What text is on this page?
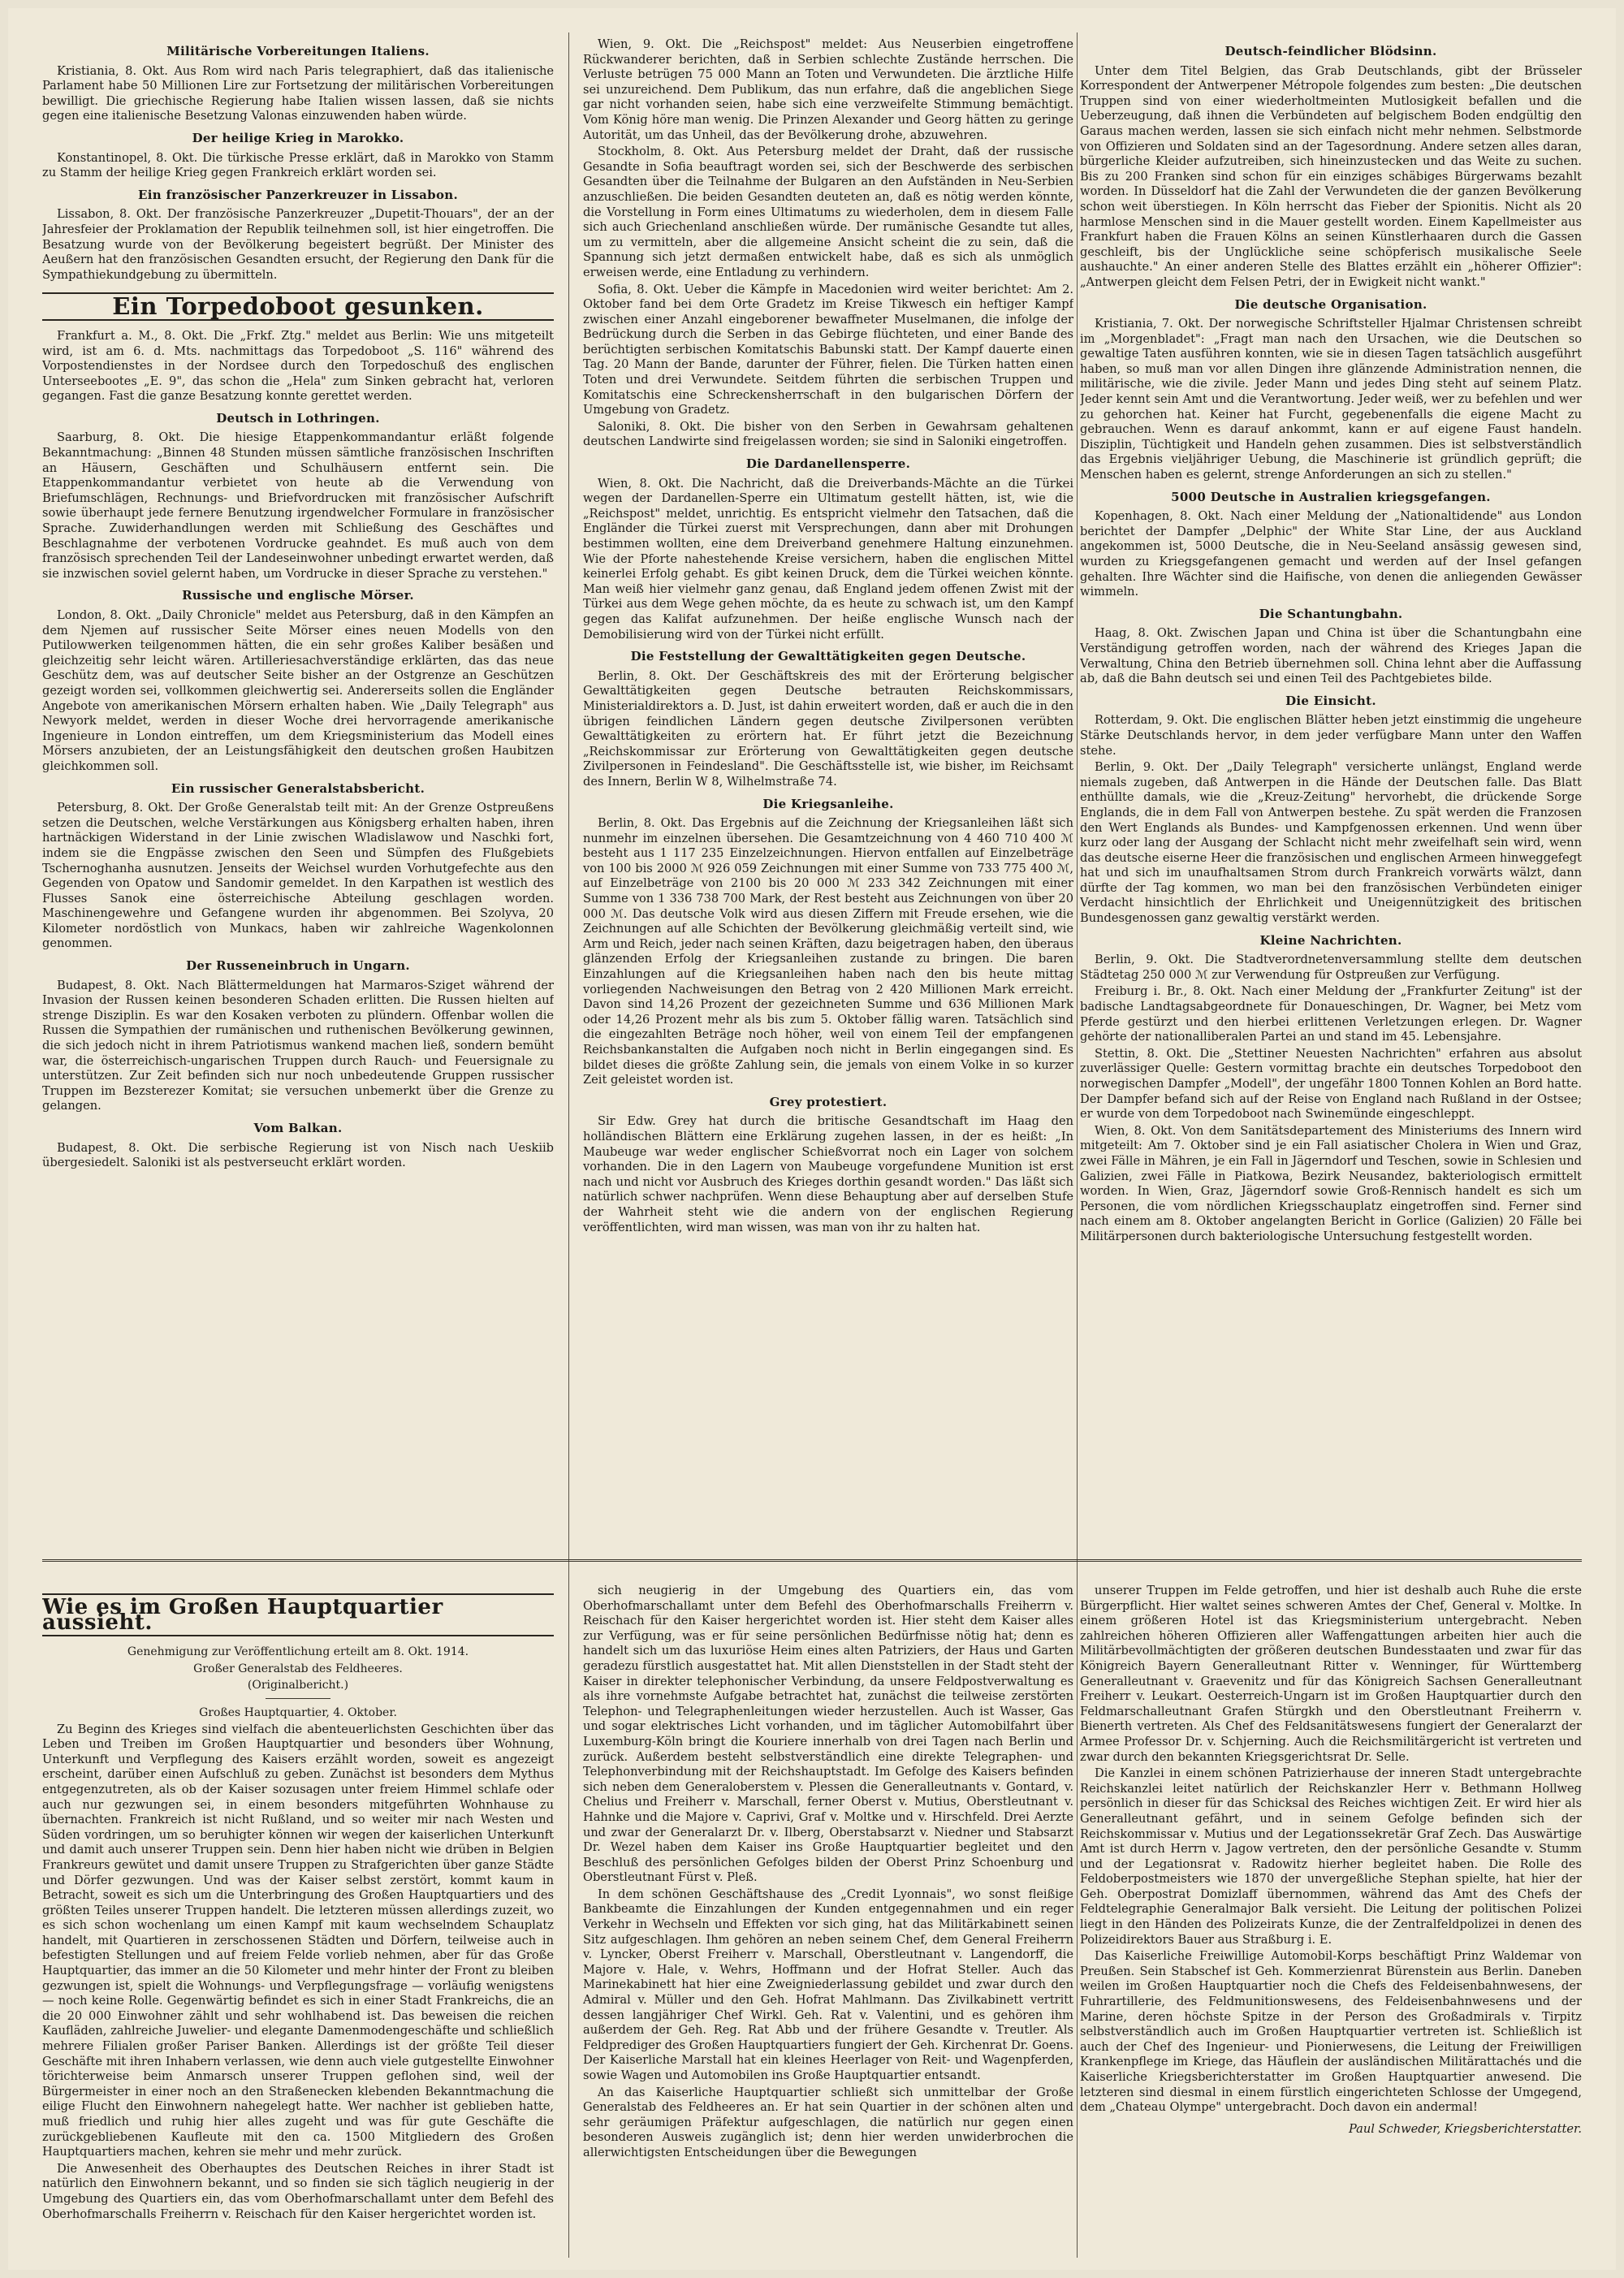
Militärische Vorbereitungen Italiens.

Kristiania, 8. Okt. Aus Rom wird nach Paris telegraphiert, daß das italienische Parlament habe 50 Millionen Lire zur Fortsetzung der militärischen Vorbereitungen bewilligt. Die griechische Regierung habe Italien wissen lassen, daß sie nichts gegen eine italienische Besetzung Valonas einzuwenden haben würde.

Der heilige Krieg in Marokko.

Konstantinopel, 8. Okt. Die türkische Presse erklärt, daß in Marokko von Stamm zu Stamm der heilige Krieg gegen Frankreich erklärt worden sei.

Ein französischer Panzerkreuzer in Lissabon.

Lissabon, 8. Okt. Der französische Panzerkreuzer „Dupetit-Thouars", der an der Jahresfeier der Proklamation der Republik teilnehmen soll, ist hier eingetroffen. Die Besatzung wurde von der Bevölkerung begeistert begrüßt. Der Minister des Aeußern hat den französischen Gesandten ersucht, der Regierung den Dank für die Sympathiekundgebung zu übermitteln.

Ein Torpedoboot gesunken.

Frankfurt a. M., 8. Okt. Die „Frkf. Ztg." meldet aus Berlin: Wie uns mitgeteilt wird, ist am 6. d. Mts. nachmittags das Torpedoboot „S. 116" während des Vorpostendienstes in der Nordsee durch den Torpedoschuß des englischen Unterseebootes „E. 9", das schon die „Hela" zum Sinken gebracht hat, verloren gegangen. Fast die ganze Besatzung konnte gerettet werden.

Deutsch in Lothringen.

Saarburg, 8. Okt. Die hiesige Etappenkommandantur erläßt folgende Bekanntmachung: „Binnen 48 Stunden müssen sämtliche französischen Inschriften an Häusern, Geschäften und Schulhäusern entfernt sein. Die Etappenkommandantur verbietet von heute ab die Verwendung von Briefumschlägen, Rechnungs- und Briefvordrucken mit französischer Aufschrift sowie überhaupt jede fernere Benutzung irgendwelcher Formulare in französischer Sprache. Zuwiderhandlungen werden mit Schließung des Geschäftes und Beschlagnahme der verbotenen Vordrucke geahndet. Es muß auch von dem französisch sprechenden Teil der Landeseinwohner unbedingt erwartet werden, daß sie inzwischen soviel gelernt haben, um Vordrucke in dieser Sprache zu verstehen."

Russische und englische Mörser.

London, 8. Okt. „Daily Chronicle" meldet aus Petersburg, daß in den Kämpfen an dem Njemen auf russischer Seite Mörser eines neuen Modells von den Putilowwerken teilgenommen hätten, die ein sehr großes Kaliber besäßen und gleichzeitig sehr leicht wären. Artilleriesachverständige erklärten, das das neue Geschütz dem, was auf deutscher Seite bisher an der Ostgrenze an Geschützen gezeigt worden sei, vollkommen gleichwertig sei. Andererseits sollen die Engländer Angebote von amerikanischen Mörsern erhalten haben. Wie „Daily Telegraph" aus Newyork meldet, werden in dieser Woche drei hervorragende amerikanische Ingenieure in London eintreffen, um dem Kriegsministerium das Modell eines Mörsers anzubieten, der an Leistungsfähigkeit den deutschen großen Haubitzen gleichkommen soll.

Ein russischer Generalstabsbericht.

Petersburg, 8. Okt. Der Große Generalstab teilt mit: An der Grenze Ostpreußens setzen die Deutschen, welche Verstärkungen aus Königsberg erhalten haben, ihren hartnäckigen Widerstand in der Linie zwischen Wladislawow und Naschki fort, indem sie die Engpässe zwischen den Seen und Sümpfen des Flußgebiets Tschernoghanha ausnutzen. Jenseits der Weichsel wurden Vorhutgefechte aus den Gegenden von Opatow und Sandomir gemeldet. In den Karpathen ist westlich des Flusses Sanok eine österreichische Abteilung geschlagen worden. Maschinengewehre und Gefangene wurden ihr abgenommen. Bei Szolyva, 20 Kilometer nordöstlich von Munkacs, haben wir zahlreiche Wagenkolonnen genommen.

Der Russeneinbruch in Ungarn.

Budapest, 8. Okt. Nach Blättermeldungen hat Marmaros-Sziget während der Invasion der Russen keinen besonderen Schaden erlitten. Die Russen hielten auf strenge Disziplin. Es war den Kosaken verboten zu plündern. Offenbar wollen die Russen die Sympathien der rumänischen und ruthenischen Bevölkerung gewinnen, die sich jedoch nicht in ihrem Patriotismus wankend machen ließ, sondern bemüht war, die österreichisch-ungarischen Truppen durch Rauch- und Feuersignale zu unterstützen. Zur Zeit befinden sich nur noch unbedeutende Gruppen russischer Truppen im Bezsterezer Komitat; sie versuchen unbemerkt über die Grenze zu gelangen.

Vom Balkan.

Budapest, 8. Okt. Die serbische Regierung ist von Nisch nach Ueskiib übergesiedelt. Saloniki ist als pestverseucht erklärt worden.

Wien, 9. Okt. Die „Reichspost" meldet: Aus Neuserbien eingetroffene Rückwanderer berichten, daß in Serbien schlechte Zustände herrschen. Die Verluste betrügen 75 000 Mann an Toten und Verwundeten. Die ärztliche Hilfe sei unzureichend. Dem Publikum, das nun erfahre, daß die angeblichen Siege gar nicht vorhanden seien, habe sich eine verzweifelte Stimmung bemächtigt. Vom König höre man wenig. Die Prinzen Alexander und Georg hätten zu geringe Autorität, um das Unheil, das der Bevölkerung drohe, abzuwehren.

Stockholm, 8. Okt. Aus Petersburg meldet der Draht, daß der russische Gesandte in Sofia beauftragt worden sei, sich der Beschwerde des serbischen Gesandten über die Teilnahme der Bulgaren an den Aufständen in Neu-Serbien anzuschließen. Die beiden Gesandten deuteten an, daß es nötig werden könnte, die Vorstellung in Form eines Ultimatums zu wiederholen, dem in diesem Falle sich auch Griechenland anschließen würde. Der rumänische Gesandte tut alles, um zu vermitteln, aber die allgemeine Ansicht scheint die zu sein, daß die Spannung sich jetzt dermaßen entwickelt habe, daß es sich als unmöglich erweisen werde, eine Entladung zu verhindern.

Sofia, 8. Okt. Ueber die Kämpfe in Macedonien wird weiter berichtet: Am 2. Oktober fand bei dem Orte Gradetz im Kreise Tikwesch ein heftiger Kampf zwischen einer Anzahl eingeborener bewaffneter Muselmanen, die infolge der Bedrückung durch die Serben in das Gebirge flüchteten, und einer Bande des berüchtigten serbischen Komitatschis Babunski statt. Der Kampf dauerte einen Tag. 20 Mann der Bande, darunter der Führer, fielen. Die Türken hatten einen Toten und drei Verwundete. Seitdem führten die serbischen Truppen und Komitatschis eine Schreckensherrschaft in den bulgarischen Dörfern der Umgebung von Gradetz.

Saloniki, 8. Okt. Die bisher von den Serben in Gewahrsam gehaltenen deutschen Landwirte sind freigelassen worden; sie sind in Saloniki eingetroffen.

Die Dardanellensperre.

Wien, 8. Okt. Die Nachricht, daß die Dreiverbands-Mächte an die Türkei wegen der Dardanellen-Sperre ein Ultimatum gestellt hätten, ist, wie die „Reichspost" meldet, unrichtig. Es entspricht vielmehr den Tatsachen, daß die Engländer die Türkei zuerst mit Versprechungen, dann aber mit Drohungen bestimmen wollten, eine dem Dreiverband genehmere Haltung einzunehmen. Wie der Pforte nahestehende Kreise versichern, haben die englischen Mittel keinerlei Erfolg gehabt. Es gibt keinen Druck, dem die Türkei weichen könnte. Man weiß hier vielmehr ganz genau, daß England jedem offenen Zwist mit der Türkei aus dem Wege gehen möchte, da es heute zu schwach ist, um den Kampf gegen das Kalifat aufzunehmen. Der heiße englische Wunsch nach der Demobilisierung wird von der Türkei nicht erfüllt.

Die Feststellung der Gewalttätigkeiten gegen Deutsche.

Berlin, 8. Okt. Der Geschäftskreis des mit der Erörterung belgischer Gewalttätigkeiten gegen Deutsche betrauten Reichskommissars, Ministerialdirektors a. D. Just, ist dahin erweitert worden, daß er auch die in den übrigen feindlichen Ländern gegen deutsche Zivilpersonen verübten Gewalttätigkeiten zu erörtern hat. Er führt jetzt die Bezeichnung „Reichskommissar zur Erörterung von Gewalttätigkeiten gegen deutsche Zivilpersonen in Feindesland". Die Geschäftsstelle ist, wie bisher, im Reichsamt des Innern, Berlin W 8, Wilhelmstraße 74.

Die Kriegsanleihe.

Berlin, 8. Okt. Das Ergebnis auf die Zeichnung der Kriegsanleihen läßt sich nunmehr im einzelnen übersehen. Die Gesamtzeichnung von 4 460 710 400 ℳ besteht aus 1 117 235 Einzelzeichnungen. Hiervon entfallen auf Einzelbeträge von 100 bis 2000 ℳ 926 059 Zeichnungen mit einer Summe von 733 775 400 ℳ, auf Einzelbeträge von 2100 bis 20 000 ℳ 233 342 Zeichnungen mit einer Summe von 1 336 738 700 Mark, der Rest besteht aus Zeichnungen von über 20 000 ℳ. Das deutsche Volk wird aus diesen Ziffern mit Freude ersehen, wie die Zeichnungen auf alle Schichten der Bevölkerung gleichmäßig verteilt sind, wie Arm und Reich, jeder nach seinen Kräften, dazu beigetragen haben, den überaus glänzenden Erfolg der Kriegsanleihen zustande zu bringen. Die baren Einzahlungen auf die Kriegsanleihen haben nach den bis heute mittag vorliegenden Nachweisungen den Betrag von 2 420 Millionen Mark erreicht. Davon sind 14,26 Prozent der gezeichneten Summe und 636 Millionen Mark oder 14,26 Prozent mehr als bis zum 5. Oktober fällig waren. Tatsächlich sind die eingezahlten Beträge noch höher, weil von einem Teil der empfangenen Reichsbankanstalten die Aufgaben noch nicht in Berlin eingegangen sind. Es bildet dieses die größte Zahlung sein, die jemals von einem Volke in so kurzer Zeit geleistet worden ist.

Grey protestiert.

Sir Edw. Grey hat durch die britische Gesandtschaft im Haag den holländischen Blättern eine Erklärung zugehen lassen, in der es heißt: „In Maubeuge war weder englischer Schießvorrat noch ein Lager von solchem vorhanden. Die in den Lagern von Maubeuge vorgefundene Munition ist erst nach und nicht vor Ausbruch des Krieges dorthin gesandt worden." Das läßt sich natürlich schwer nachprüfen. Wenn diese Behauptung aber auf derselben Stufe der Wahrheit steht wie die andern von der englischen Regierung veröffentlichten, wird man wissen, was man von ihr zu halten hat.

Deutsch-feindlicher Blödsinn.

Unter dem Titel Belgien, das Grab Deutschlands, gibt der Brüsseler Korrespondent der Antwerpener Métropole folgendes zum besten: „Die deutschen Truppen sind von einer wiederholtmeinten Mutlosigkeit befallen und die Ueberzeugung, daß ihnen die Verbündeten auf belgischem Boden endgültig den Garaus machen werden, lassen sie sich einfach nicht mehr nehmen. Selbstmorde von Offizieren und Soldaten sind an der Tagesordnung. Andere setzen alles daran, bürgerliche Kleider aufzutreiben, sich hineinzustecken und das Weite zu suchen. Bis zu 200 Franken sind schon für ein einziges schäbiges Bürgerwams bezahlt worden. In Düsseldorf hat die Zahl der Verwundeten die der ganzen Bevölkerung schon weit überstiegen. In Köln herrscht das Fieber der Spionitis. Nicht als 20 harmlose Menschen sind in die Mauer gestellt worden. Einem Kapellmeister aus Frankfurt haben die Frauen Kölns an seinen Künstlerhaaren durch die Gassen geschleift, bis der Unglückliche seine schöpferisch musikalische Seele aushauchte." An einer anderen Stelle des Blattes erzählt ein „höherer Offizier": „Antwerpen gleicht dem Felsen Petri, der in Ewigkeit nicht wankt."

Die deutsche Organisation.

Kristiania, 7. Okt. Der norwegische Schriftsteller Hjalmar Christensen schreibt im „Morgenbladet": „Fragt man nach den Ursachen, wie die Deutschen so gewaltige Taten ausführen konnten, wie sie in diesen Tagen tatsächlich ausgeführt haben, so muß man vor allen Dingen ihre glänzende Administration nennen, die militärische, wie die zivile. Jeder Mann und jedes Ding steht auf seinem Platz. Jeder kennt sein Amt und die Verantwortung. Jeder weiß, wer zu befehlen und wer zu gehorchen hat. Keiner hat Furcht, gegebenenfalls die eigene Macht zu gebrauchen. Wenn es darauf ankommt, kann er auf eigene Faust handeln. Disziplin, Tüchtigkeit und Handeln gehen zusammen. Dies ist selbstverständlich das Ergebnis vieljähriger Uebung, die Maschinerie ist gründlich geprüft; die Menschen haben es gelernt, strenge Anforderungen an sich zu stellen."

5000 Deutsche in Australien kriegsgefangen.

Kopenhagen, 8. Okt. Nach einer Meldung der „Nationaltidende" aus London berichtet der Dampfer „Delphic" der White Star Line, der aus Auckland angekommen ist, 5000 Deutsche, die in Neu-Seeland ansässig gewesen sind, wurden zu Kriegsgefangenen gemacht und werden auf der Insel gefangen gehalten. Ihre Wächter sind die Haifische, von denen die anliegenden Gewässer wimmeln.

Die Schantungbahn.

Haag, 8. Okt. Zwischen Japan und China ist über die Schantungbahn eine Verständigung getroffen worden, nach der während des Krieges Japan die Verwaltung, China den Betrieb übernehmen soll. China lehnt aber die Auffassung ab, daß die Bahn deutsch sei und einen Teil des Pachtgebietes bilde.

Die Einsicht.

Rotterdam, 9. Okt. Die englischen Blätter heben jetzt einstimmig die ungeheure Stärke Deutschlands hervor, in dem jeder verfügbare Mann unter den Waffen stehe.

Berlin, 9. Okt. Der „Daily Telegraph" versicherte unlängst, England werde niemals zugeben, daß Antwerpen in die Hände der Deutschen falle. Das Blatt enthüllte damals, wie die „Kreuz-Zeitung" hervorhebt, die drückende Sorge Englands, die in dem Fall von Antwerpen bestehe. Zu spät werden die Franzosen den Wert Englands als Bundes- und Kampfgenossen erkennen. Und wenn über kurz oder lang der Ausgang der Schlacht nicht mehr zweifelhaft sein wird, wenn das deutsche eiserne Heer die französischen und englischen Armeen hinweggefegt hat und sich im unaufhaltsamen Strom durch Frankreich vorwärts wälzt, dann dürfte der Tag kommen, wo man bei den französischen Verbündeten einiger Verdacht hinsichtlich der Ehrlichkeit und Uneigennützigkeit des britischen Bundesgenossen ganz gewaltig verstärkt werden.

Kleine Nachrichten.

Berlin, 9. Okt. Die Stadtverordnetenversammlung stellte dem deutschen Städtetag 250 000 ℳ zur Verwendung für Ostpreußen zur Verfügung.

Freiburg i. Br., 8. Okt. Nach einer Meldung der „Frankfurter Zeitung" ist der badische Landtagsabgeordnete für Donaueschingen, Dr. Wagner, bei Metz vom Pferde gestürzt und den hierbei erlittenen Verletzungen erlegen. Dr. Wagner gehörte der nationalliberalen Partei an und stand im 45. Lebensjahre.

Stettin, 8. Okt. Die „Stettiner Neuesten Nachrichten" erfahren aus absolut zuverlässiger Quelle: Gestern vormittag brachte ein deutsches Torpedoboot den norwegischen Dampfer „Modell", der ungefähr 1800 Tonnen Kohlen an Bord hatte. Der Dampfer befand sich auf der Reise von England nach Rußland in der Ostsee; er wurde von dem Torpedoboot nach Swinemünde eingeschleppt.

Wien, 8. Okt. Von dem Sanitätsdepartement des Ministeriums des Innern wird mitgeteilt: Am 7. Oktober sind je ein Fall asiatischer Cholera in Wien und Graz, zwei Fälle in Mähren, je ein Fall in Jägerndorf und Teschen, sowie in Schlesien und Galizien, zwei Fälle in Piatkowa, Bezirk Neusandez, bakteriologisch ermittelt worden. In Wien, Graz, Jägerndorf sowie Groß-Rennisch handelt es sich um Personen, die vom nördlichen Kriegsschauplatz eingetroffen sind. Ferner sind nach einem am 8. Oktober angelangten Bericht in Gorlice (Galizien) 20 Fälle bei Militärpersonen durch bakteriologische Untersuchung festgestellt worden.

Wie es im Großen Hauptquartier aussieht.

Genehmigung zur Veröffentlichung erteilt am 8. Okt. 1914.

Großer Generalstab des Feldheeres.

(Originalbericht.)

Großes Hauptquartier, 4. Oktober.

Zu Beginn des Krieges sind vielfach die abenteuerlichsten Geschichten über das Leben und Treiben im Großen Hauptquartier und besonders über Wohnung, Unterkunft und Verpflegung des Kaisers erzählt worden, soweit es angezeigt erscheint, darüber einen Aufschluß zu geben. Zunächst ist besonders dem Mythus entgegenzutreten, als ob der Kaiser sozusagen unter freiem Himmel schlafe oder auch nur gezwungen sei, in einem besonders mitgeführten Wohnhause zu übernachten. Frankreich ist nicht Rußland, und so weiter mir nach Westen und Süden vordringen, um so beruhigter können wir wegen der kaiserlichen Unterkunft und damit auch unserer Truppen sein. Denn hier haben nicht wie drüben in Belgien Frankreurs gewütet und damit unsere Truppen zu Strafgerichten über ganze Städte und Dörfer gezwungen. Und was der Kaiser selbst zerstört, kommt kaum in Betracht, soweit es sich um die Unterbringung des Großen Hauptquartiers und des größten Teiles unserer Truppen handelt. Die letzteren müssen allerdings zuzeit, wo es sich schon wochenlang um einen Kampf mit kaum wechselndem Schauplatz handelt, mit Quartieren in zerschossenen Städten und Dörfern, teilweise auch in befestigten Stellungen und auf freiem Felde vorlieb nehmen, aber für das Große Hauptquartier, das immer an die 50 Kilometer und mehr hinter der Front zu bleiben gezwungen ist, spielt die Wohnungs- und Verpflegungsfrage — vorläufig wenigstens — noch keine Rolle. Gegenwärtig befindet es sich in einer Stadt Frankreichs, die an die 20 000 Einwohner zählt und sehr wohlhabend ist. Das beweisen die reichen Kaufläden, zahlreiche Juwelier- und elegante Damenmodengeschäfte und schließlich mehrere Filialen großer Pariser Banken. Allerdings ist der größte Teil dieser Geschäfte mit ihren Inhabern verlassen, wie denn auch viele gutgestellte Einwohner törichterweise beim Anmarsch unserer Truppen geflohen sind, weil der Bürgermeister in einer noch an den Straßenecken klebenden Bekanntmachung die eilige Flucht den Einwohnern nahegelegt hatte. Wer nachher ist geblieben hatte, muß friedlich und ruhig hier alles zugeht und was für gute Geschäfte die zurückgebliebenen Kaufleute mit den ca. 1500 Mitgliedern des Großen Hauptquartiers machen, kehren sie mehr und mehr zurück.

Die Anwesenheit des Oberhauptes des Deutschen Reiches in ihrer Stadt ist natürlich den Einwohnern bekannt, und so finden sie sich täglich neugierig in der Umgebung des Quartiers ein, das vom Oberhofmarschallamt unter dem Befehl des Oberhofmarschalls Freiherrn v. Reischach für den Kaiser hergerichtet worden ist.

sich neugierig in der Umgebung des Quartiers ein, das vom Oberhofmarschallamt unter dem Befehl des Oberhofmarschalls Freiherrn v. Reischach für den Kaiser hergerichtet worden ist. Hier steht dem Kaiser alles zur Verfügung, was er für seine persönlichen Bedürfnisse nötig hat; denn es handelt sich um das luxuriöse Heim eines alten Patriziers, der Haus und Garten geradezu fürstlich ausgestattet hat. Mit allen Dienststellen in der Stadt steht der Kaiser in direkter telephonischer Verbindung, da unsere Feldpostverwaltung es als ihre vornehmste Aufgabe betrachtet hat, zunächst die teilweise zerstörten Telephon- und Telegraphenleitungen wieder herzustellen. Auch ist Wasser, Gas und sogar elektrisches Licht vorhanden, und im täglicher Automobilfahrt über Luxemburg-Köln bringt die Kouriere innerhalb von drei Tagen nach Berlin und zurück. Außerdem besteht selbstverständlich eine direkte Telegraphen- und Telephonverbindung mit der Reichshauptstadt. Im Gefolge des Kaisers befinden sich neben dem Generaloberstem v. Plessen die Generalleutnants v. Gontard, v. Chelius und Freiherr v. Marschall, ferner Oberst v. Mutius, Oberstleutnant v. Hahnke und die Majore v. Caprivi, Graf v. Moltke und v. Hirschfeld. Drei Aerzte und zwar der Generalarzt Dr. v. Ilberg, Oberstabsarzt v. Niedner und Stabsarzt Dr. Wezel haben dem Kaiser ins Große Hauptquartier begleitet und den Beschluß des persönlichen Gefolges bilden der Oberst Prinz Schoenburg und Oberstleutnant Fürst v. Pleß.

In dem schönen Geschäftshause des „Credit Lyonnais", wo sonst fleißige Bankbeamte die Einzahlungen der Kunden entgegennahmen und ein reger Verkehr in Wechseln und Effekten vor sich ging, hat das Militärkabinett seinen Sitz aufgeschlagen. Ihm gehören an neben seinem Chef, dem General Freiherrn v. Lyncker, Oberst Freiherr v. Marschall, Oberstleutnant v. Langendorff, die Majore v. Hale, v. Wehrs, Hoffmann und der Hofrat Steller. Auch das Marinekabinett hat hier eine Zweigniederlassung gebildet und zwar durch den Admiral v. Müller und den Geh. Hofrat Mahlmann. Das Zivilkabinett vertritt dessen langjähriger Chef Wirkl. Geh. Rat v. Valentini, und es gehören ihm außerdem der Geh. Reg. Rat Abb und der frühere Gesandte v. Treutler. Als Feldprediger des Großen Hauptquartiers fungiert der Geh. Kirchenrat Dr. Goens. Der Kaiserliche Marstall hat ein kleines Heerlager von Reit- und Wagenpferden, sowie Wagen und Automobilen ins Große Hauptquartier entsandt.

An das Kaiserliche Hauptquartier schließt sich unmittelbar der Große Generalstab des Feldheeres an. Er hat sein Quartier in der schönen alten und sehr geräumigen Präfektur aufgeschlagen, die natürlich nur gegen einen besonderen Ausweis zugänglich ist; denn hier werden unwiderbrochen die allerwichtigsten Entscheidungen über die Bewegungen

unserer Truppen im Felde getroffen, und hier ist deshalb auch Ruhe die erste Bürgerpflicht. Hier waltet seines schweren Amtes der Chef, General v. Moltke. In einem größeren Hotel ist das Kriegsministerium untergebracht. Neben zahlreichen höheren Offizieren aller Waffengattungen arbeiten hier auch die Militärbevollmächtigten der größeren deutschen Bundesstaaten und zwar für das Königreich Bayern Generalleutnant Ritter v. Wenninger, für Württemberg Generalleutnant v. Graevenitz und für das Königreich Sachsen Generalleutnant Freiherr v. Leukart. Oesterreich-Ungarn ist im Großen Hauptquartier durch den Feldmarschalleutnant Grafen Stürgkh und den Oberstleutnant Freiherrn v. Bienerth vertreten. Als Chef des Feldsanitätswesens fungiert der Generalarzt der Armee Professor Dr. v. Schjerning. Auch die Reichsmilitärgericht ist vertreten und zwar durch den bekannten Kriegsgerichtsrat Dr. Selle.

Die Kanzlei in einem schönen Patrizierhause der inneren Stadt untergebrachte Reichskanzlei leitet natürlich der Reichskanzler Herr v. Bethmann Hollweg persönlich in dieser für das Schicksal des Reiches wichtigen Zeit. Er wird hier als Generalleutnant gefährt, und in seinem Gefolge befinden sich der Reichskommissar v. Mutius und der Legationssekretär Graf Zech. Das Auswärtige Amt ist durch Herrn v. Jagow vertreten, den der persönliche Gesandte v. Stumm und der Legationsrat v. Radowitz hierher begleitet haben. Die Rolle des Feldoberpostmeisters wie 1870 der unvergeßliche Stephan spielte, hat hier der Geh. Oberpostrat Domizlaff übernommen, während das Amt des Chefs der Feldtelegraphie Generalmajor Balk versieht. Die Leitung der politischen Polizei liegt in den Händen des Polizeirats Kunze, die der Zentralfeldpolizei in denen des Polizeidirektors Bauer aus Straßburg i. E.

Das Kaiserliche Freiwillige Automobil-Korps beschäftigt Prinz Waldemar von Preußen. Sein Stabschef ist Geh. Kommerzienrat Bürenstein aus Berlin. Daneben weilen im Großen Hauptquartier noch die Chefs des Feldeisenbahnwesens, der Fuhrartillerie, des Feldmunitionswesens, des Feldeisenbahnwesens und der Marine, deren höchste Spitze in der Person des Großadmirals v. Tirpitz selbstverständlich auch im Großen Hauptquartier vertreten ist. Schließlich ist auch der Chef des Ingenieur- und Pionierwesens, die Leitung der Freiwilligen Krankenpflege im Kriege, das Häuflein der ausländischen Militärattachés und die Kaiserliche Kriegsberichterstatter im Großen Hauptquartier anwesend. Die letzteren sind diesmal in einem fürstlich eingerichteten Schlosse der Umgegend, dem „Chateau Olympe" untergebracht. Doch davon ein andermal!

Paul Schweder, Kriegsberichterstatter.
